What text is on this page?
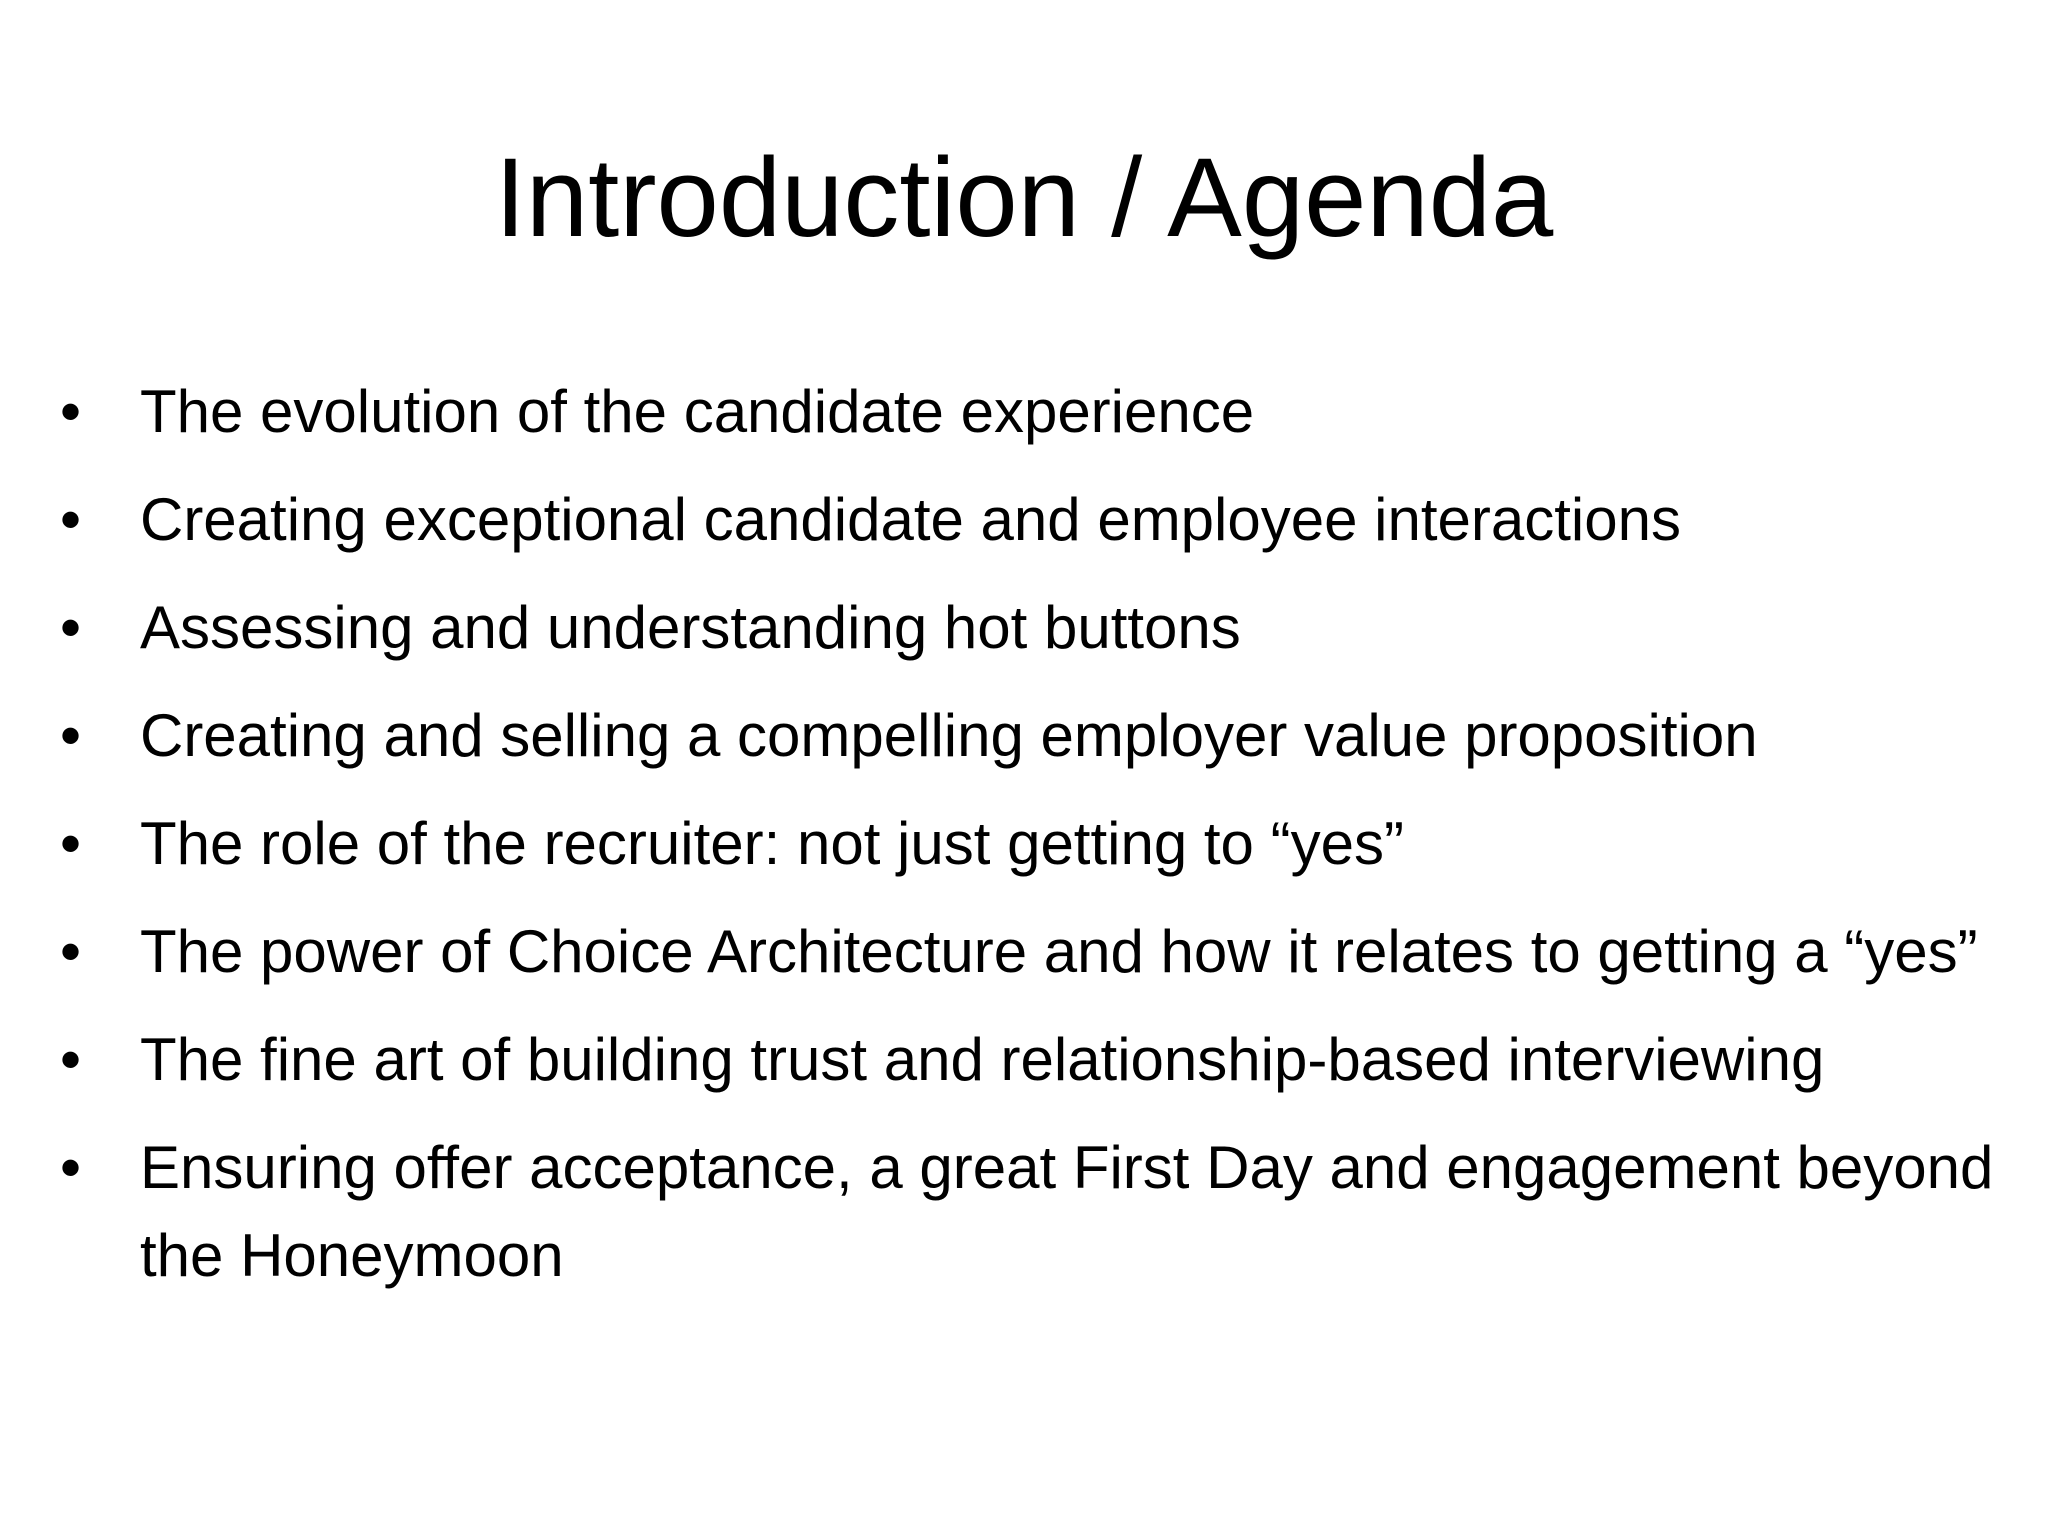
Introduction / Agenda
• The evolution of the candidate experience
• Creating exceptional candidate and employee interactions
• Assessing and understanding hot buttons
• Creating and selling a compelling employer value proposition
• The role of the recruiter: not just getting to “yes”
• The power of Choice Architecture and how it relates to getting a “yes”
• The fine art of building trust and relationship-based interviewing
• Ensuring offer acceptance, a great First Day and engagement beyond the Honeymoon
